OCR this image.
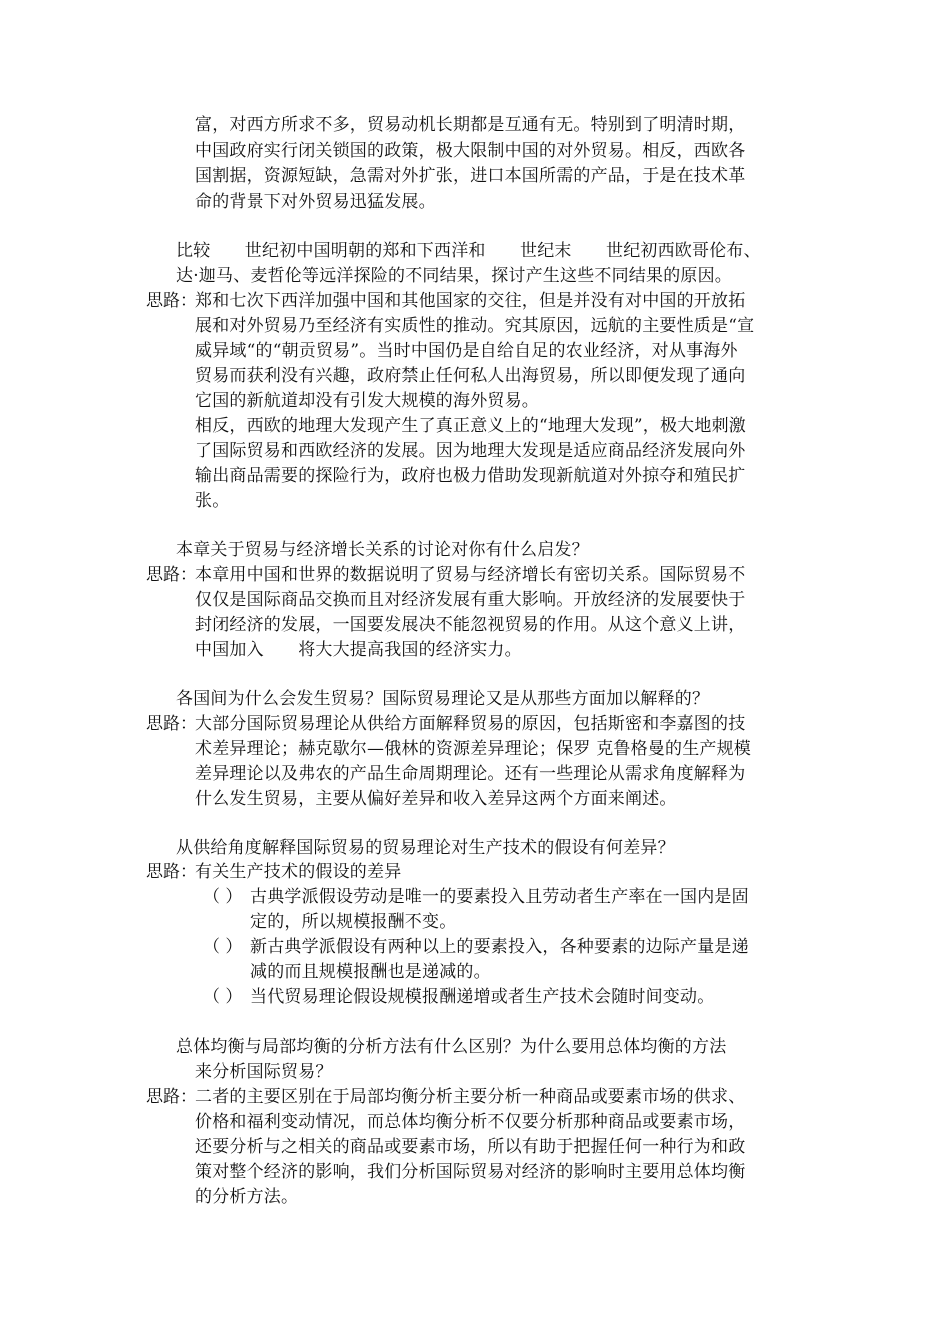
富，对西方所求不多，贸易动机长期都是互通有无。特别到了明清时期，
中国政府实行闭关锁国的政策，极大限制中国的对外贸易。相反，西欧各
国割据，资源短缺，急需对外扩张，进口本国所需的产品，于是在技术革
命的背景下对外贸易迅猛发展。
比较　　世纪初中国明朝的郑和下西洋和　　世纪末　　世纪初西欧哥伦布、
达·迦马、麦哲伦等远洋探险的不同结果，探讨产生这些不同结果的原因。
思路：
郑和七次下西洋加强中国和其他国家的交往，但是并没有对中国的开放拓
展和对外贸易乃至经济有实质性的推动。究其原因，远航的主要性质是“宣
威异域“的“朝贡贸易”。当时中国仍是自给自足的农业经济，对从事海外
贸易而获利没有兴趣，政府禁止任何私人出海贸易，所以即便发现了通向
它国的新航道却没有引发大规模的海外贸易。
相反，西欧的地理大发现产生了真正意义上的“地理大发现”，极大地刺激
了国际贸易和西欧经济的发展。因为地理大发现是适应商品经济发展向外
输出商品需要的探险行为，政府也极力借助发现新航道对外掠夺和殖民扩
张。
本章关于贸易与经济增长关系的讨论对你有什么启发？
思路：
本章用中国和世界的数据说明了贸易与经济增长有密切关系。国际贸易不
仅仅是国际商品交换而且对经济发展有重大影响。开放经济的发展要快于
封闭经济的发展，一国要发展决不能忽视贸易的作用。从这个意义上讲，
中国加入　　将大大提高我国的经济实力。
各国间为什么会发生贸易？国际贸易理论又是从那些方面加以解释的？
思路：
大部分国际贸易理论从供给方面解释贸易的原因，包括斯密和李嘉图的技
术差异理论；赫克歇尔—俄林的资源差异理论；保罗 克鲁格曼的生产规模
差异理论以及弗农的产品生命周期理论。还有一些理论从需求角度解释为
什么发生贸易，主要从偏好差异和收入差异这两个方面来阐述。
从供给角度解释国际贸易的贸易理论对生产技术的假设有何差异？
思路：
有关生产技术的假设的差异
（ ） 古典学派假设劳动是唯一的要素投入且劳动者生产率在一国内是固
定的，所以规模报酬不变。
（ ） 新古典学派假设有两种以上的要素投入，各种要素的边际产量是递
减的而且规模报酬也是递减的。
（ ） 当代贸易理论假设规模报酬递增或者生产技术会随时间变动。
总体均衡与局部均衡的分析方法有什么区别？为什么要用总体均衡的方法
来分析国际贸易？
思路：
二者的主要区别在于局部均衡分析主要分析一种商品或要素市场的供求、
价格和福利变动情况，而总体均衡分析不仅要分析那种商品或要素市场，
还要分析与之相关的商品或要素市场，所以有助于把握任何一种行为和政
策对整个经济的影响，我们分析国际贸易对经济的影响时主要用总体均衡
的分析方法。
